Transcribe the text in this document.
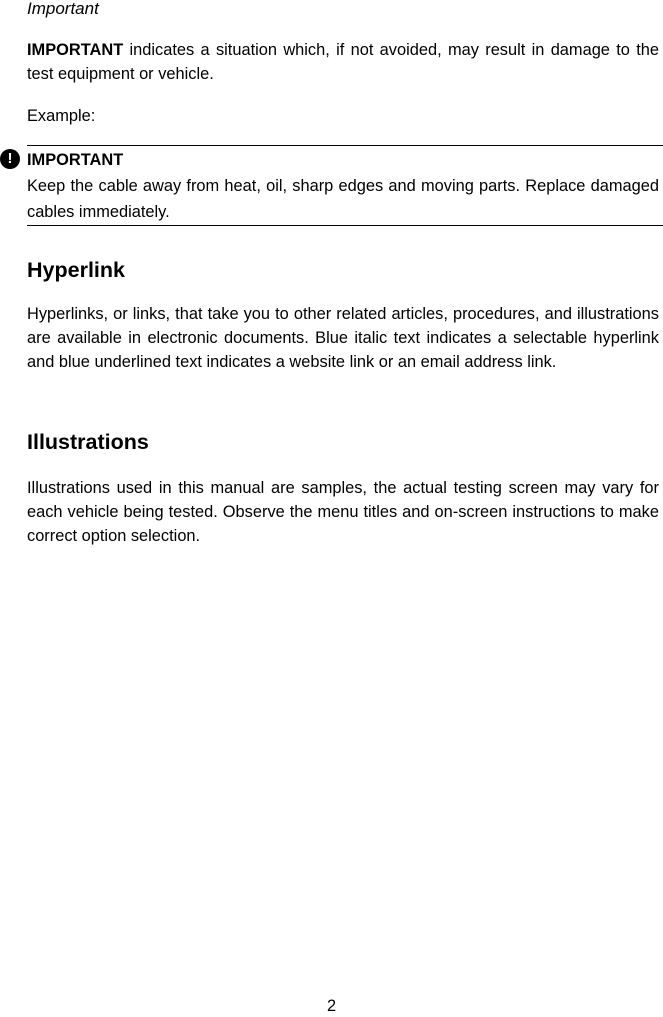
Important

IMPORTANT indicates a situation which, if not avoided, may result in damage to the test equipment or vehicle.

Example:

! IMPORTANT

Keep the cable away from heat, oil, sharp edges and moving parts. Replace damaged cables immediately.

Hyperlink

Hyperlinks, or links, that take you to other related articles, procedures, and illustrations are available in electronic documents. Blue italic text indicates a selectable hyperlink and blue underlined text indicates a website link or an email address link.

Illustrations

Illustrations used in this manual are samples, the actual testing screen may vary for each vehicle being tested. Observe the menu titles and on-screen instructions to make correct option selection.

2
